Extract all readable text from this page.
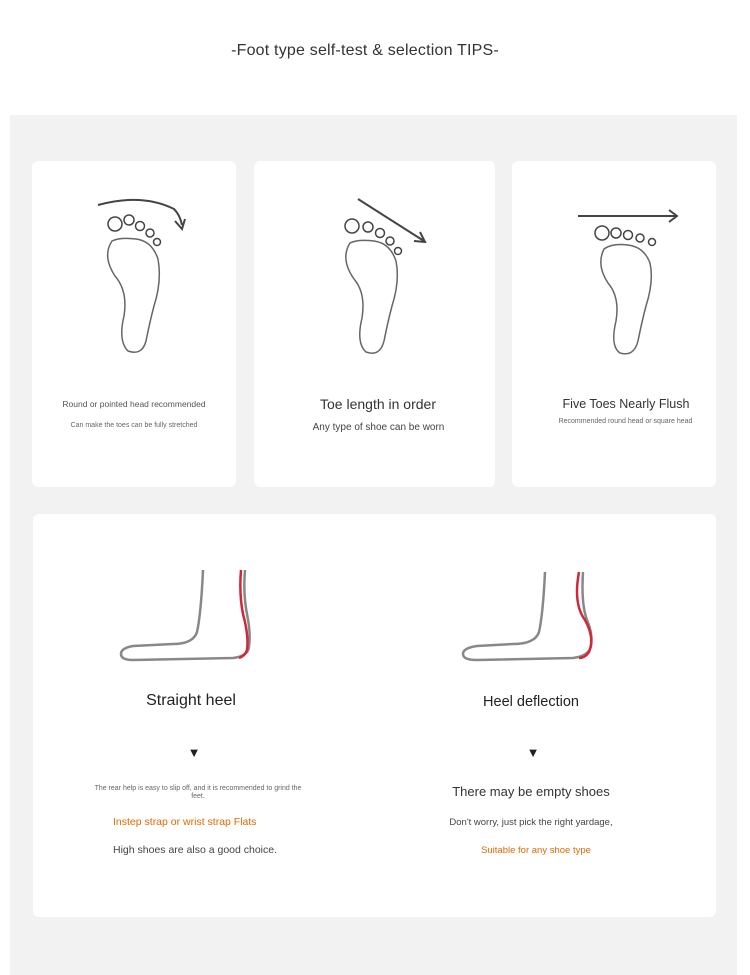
-Foot type self-test & selection TIPS-
Round or pointed head recommended
Can make the toes can be fully stretched
Toe length in order
Any type of shoe can be worn
Five Toes Nearly Flush
Recommended round head or square head
Straight heel
▼
The rear help is easy to slip off, and it is recommended to grind the feet.
Instep strap or wrist strap Flats
High shoes are also a good choice.
Heel deflection
▼
There may be empty shoes
Don't worry, just pick the right yardage,
Suitable for any shoe type
